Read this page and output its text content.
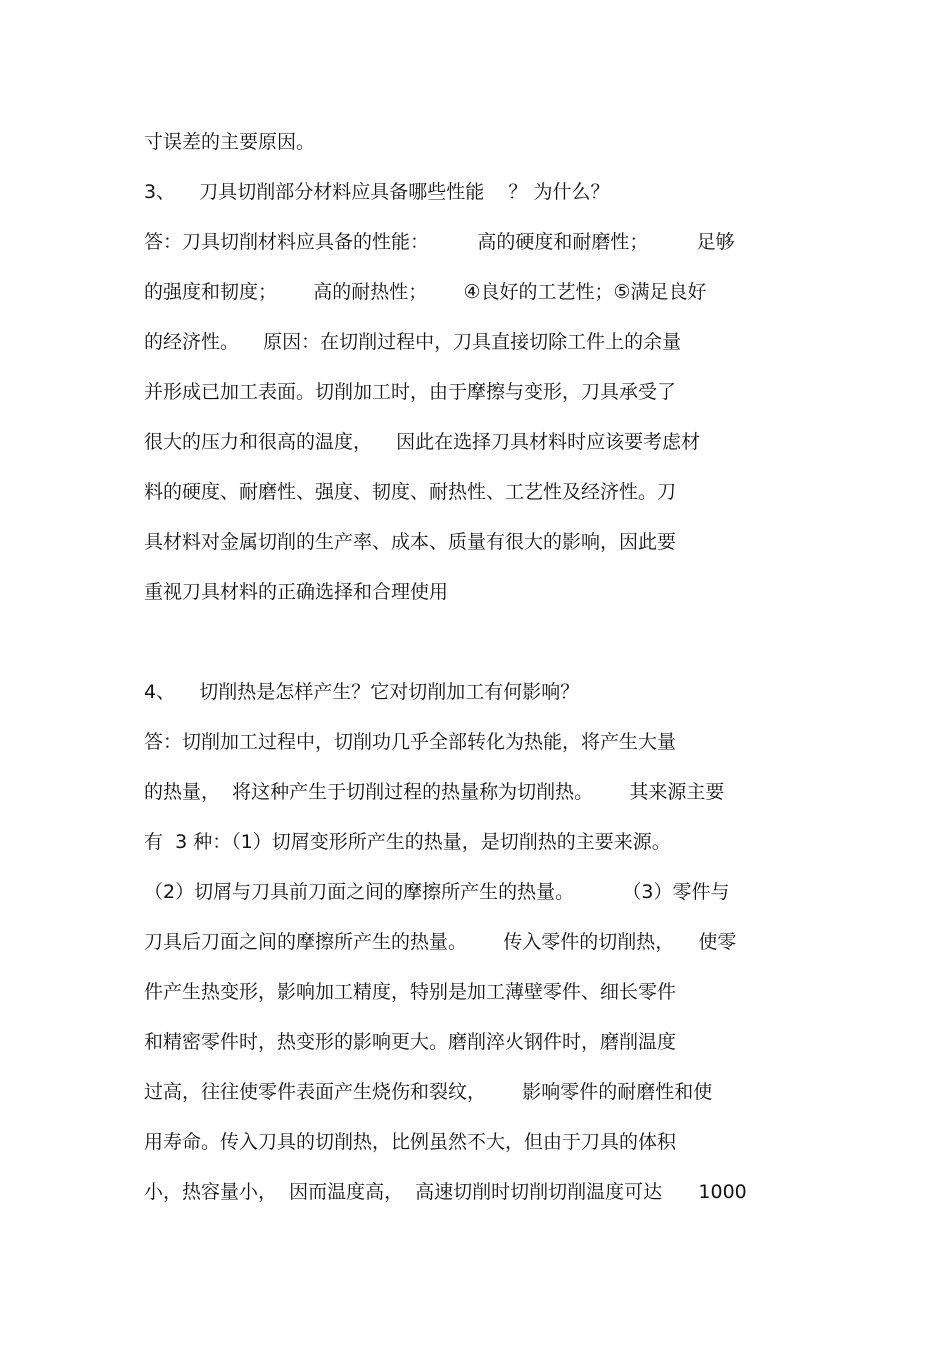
寸误差的主要原因。
3、    刀具切削部分材料应具备哪些性能    ？ 为什么？
答：刀具切削材料应具备的性能：        高的硬度和耐磨性；        足够
的强度和韧度；      高的耐热性；      ④良好的工艺性；⑤满足良好
的经济性。    原因：在切削过程中，刀具直接切除工件上的余量
并形成已加工表面。切削加工时，由于摩擦与变形，刀具承受了
很大的压力和很高的温度，    因此在选择刀具材料时应该要考虑材
料的硬度、耐磨性、强度、韧度、耐热性、工艺性及经济性。刀
具材料对金属切削的生产率、成本、质量有很大的影响，因此要
重视刀具材料的正确选择和合理使用
4、    切削热是怎样产生？它对切削加工有何影响？
答：切削加工过程中，切削功几乎全部转化为热能，将产生大量
的热量，  将这种产生于切削过程的热量称为切削热。      其来源主要
有  3 种：（1）切屑变形所产生的热量，是切削热的主要来源。
（2）切屑与刀具前刀面之间的摩擦所产生的热量。        （3）零件与
刀具后刀面之间的摩擦所产生的热量。      传入零件的切削热，    使零
件产生热变形，影响加工精度，特别是加工薄壁零件、细长零件
和精密零件时，热变形的影响更大。磨削淬火钢件时，磨削温度
过高，往往使零件表面产生烧伤和裂纹，      影响零件的耐磨性和使
用寿命。传入刀具的切削热，比例虽然不大，但由于刀具的体积
小，热容量小，  因而温度高，  高速切削时切削切削温度可达      1000
